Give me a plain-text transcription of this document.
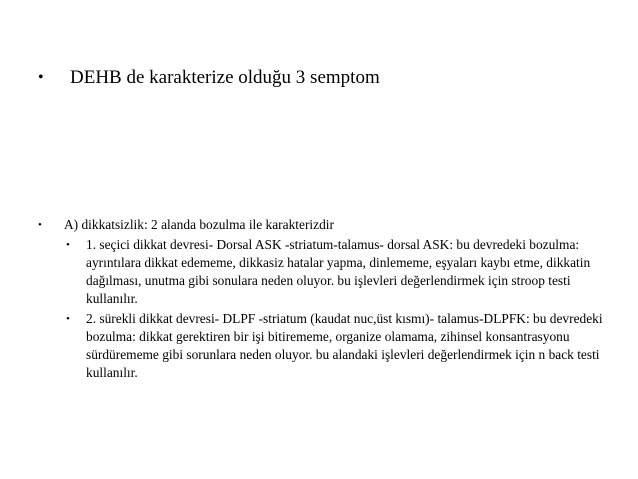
• DEHB de karakterize olduğu 3 semptom
• A) dikkatsizlik: 2 alanda bozulma ile karakterizdir
• 1. seçici dikkat devresi- Dorsal ASK -striatum-talamus- dorsal ASK: bu devredeki bozulma: ayrıntılara dikkat edememe, dikkasiz hatalar yapma, dinlememe, eşyaları kaybı etme, dikkatin dağılması, unutma gibi sonulara neden oluyor. bu işlevleri değerlendirmek için stroop testi kullanılır.
• 2. sürekli dikkat devresi- DLPF -striatum (kaudat nuc,üst kısmı)- talamus-DLPFK: bu devredeki bozulma: dikkat gerektiren bir işi bitirememe, organize olamama, zihinsel konsantrasyonu sürdürememe gibi sorunlara neden oluyor. bu alandaki işlevleri değerlendirmek için n back testi kullanılır.
